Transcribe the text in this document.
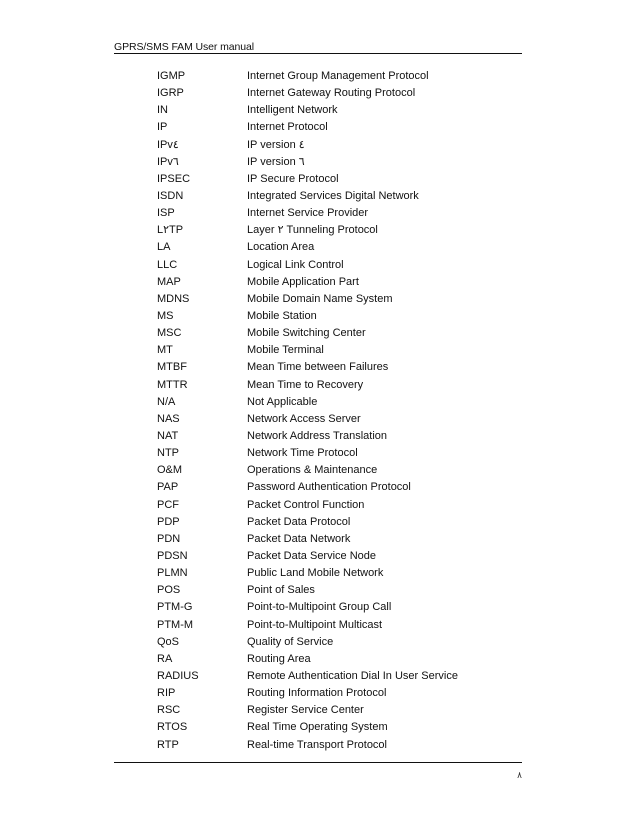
GPRS/SMS FAM User manual
IGMP	Internet Group Management Protocol
IGRP	Internet Gateway Routing Protocol
IN	Intelligent Network
IP	Internet Protocol
IPv٤	IP version ٤
IPv٦	IP version ٦
IPSEC	IP Secure Protocol
ISDN	Integrated Services Digital Network
ISP	Internet Service Provider
L٢TP	Layer ٢ Tunneling Protocol
LA	Location Area
LLC	Logical Link Control
MAP	Mobile Application Part
MDNS	Mobile Domain Name System
MS	Mobile Station
MSC	Mobile Switching Center
MT	Mobile Terminal
MTBF	Mean Time between Failures
MTTR	Mean Time to Recovery
N/A	Not Applicable
NAS	Network Access Server
NAT	Network Address Translation
NTP	Network Time Protocol
O&M	Operations & Maintenance
PAP	Password Authentication Protocol
PCF	Packet Control Function
PDP	Packet Data Protocol
PDN	Packet Data Network
PDSN	Packet Data Service Node
PLMN	Public Land Mobile Network
POS	Point of Sales
PTM-G	Point-to-Multipoint Group Call
PTM-M	Point-to-Multipoint Multicast
QoS	Quality of Service
RA	Routing Area
RADIUS	Remote Authentication Dial In User Service
RIP	Routing Information Protocol
RSC	Register Service Center
RTOS	Real Time Operating System
RTP	Real-time Transport Protocol
٨
